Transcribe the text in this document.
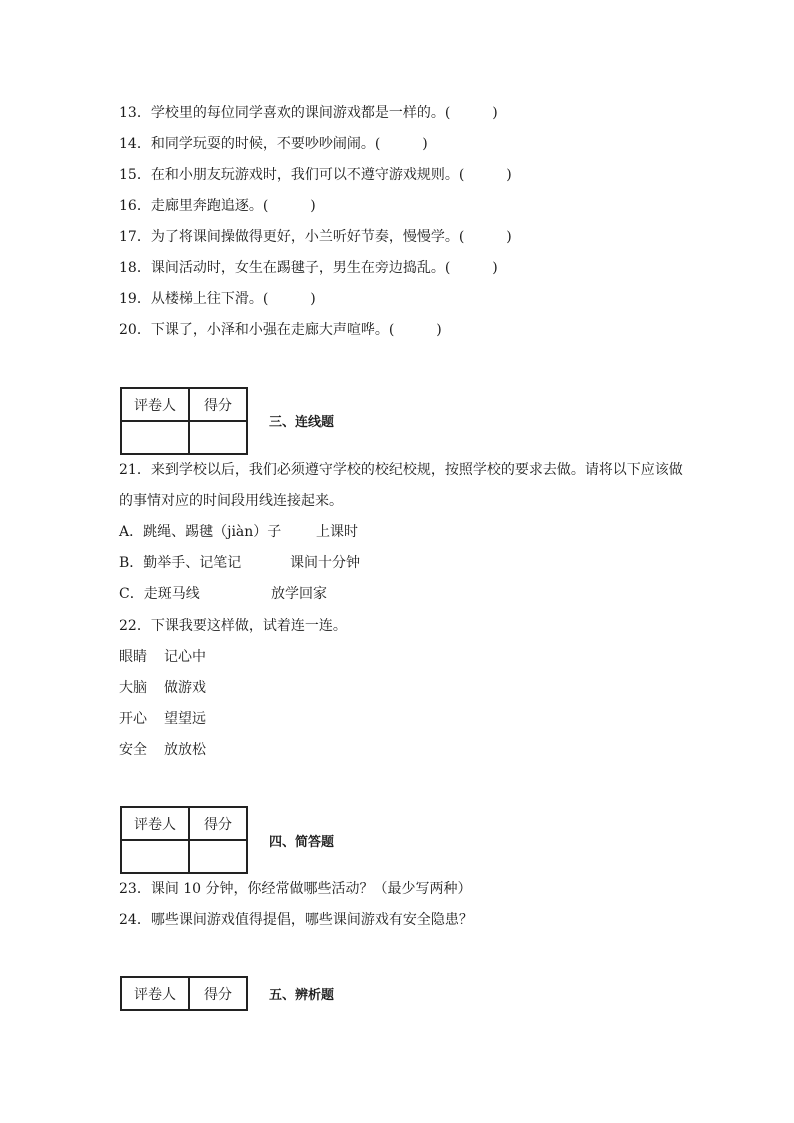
13．学校里的每位同学喜欢的课间游戏都是一样的。(　　　)
14．和同学玩耍的时候，不要吵吵闹闹。(　　　)
15．在和小朋友玩游戏时，我们可以不遵守游戏规则。(　　　)
16．走廊里奔跑追逐。(　　　)
17．为了将课间操做得更好，小兰听好节奏，慢慢学。(　　　)
18．课间活动时，女生在踢毽子，男生在旁边捣乱。(　　　)
19．从楼梯上往下滑。(　　　)
20．下课了，小泽和小强在走廊大声喧哗。(　　　)
评卷人	得分

三、连线题
21．来到学校以后，我们必须遵守学校的校纪校规，按照学校的要求去做。请将以下应该做
的事情对应的时间段用线连接起来。
A．跳绳、踢毽（jiàn）子 上课时
B．勤举手、记笔记	课间十分钟
C．走斑马线	放学回家
22．下课我要这样做，试着连一连。
眼睛 记心中
大脑 做游戏
开心 望望远
安全 放放松
评卷人	得分

四、简答题
23．课间 10 分钟，你经常做哪些活动？（最少写两种）
24．哪些课间游戏值得提倡，哪些课间游戏有安全隐患？
评卷人	得分	五、辨析题
